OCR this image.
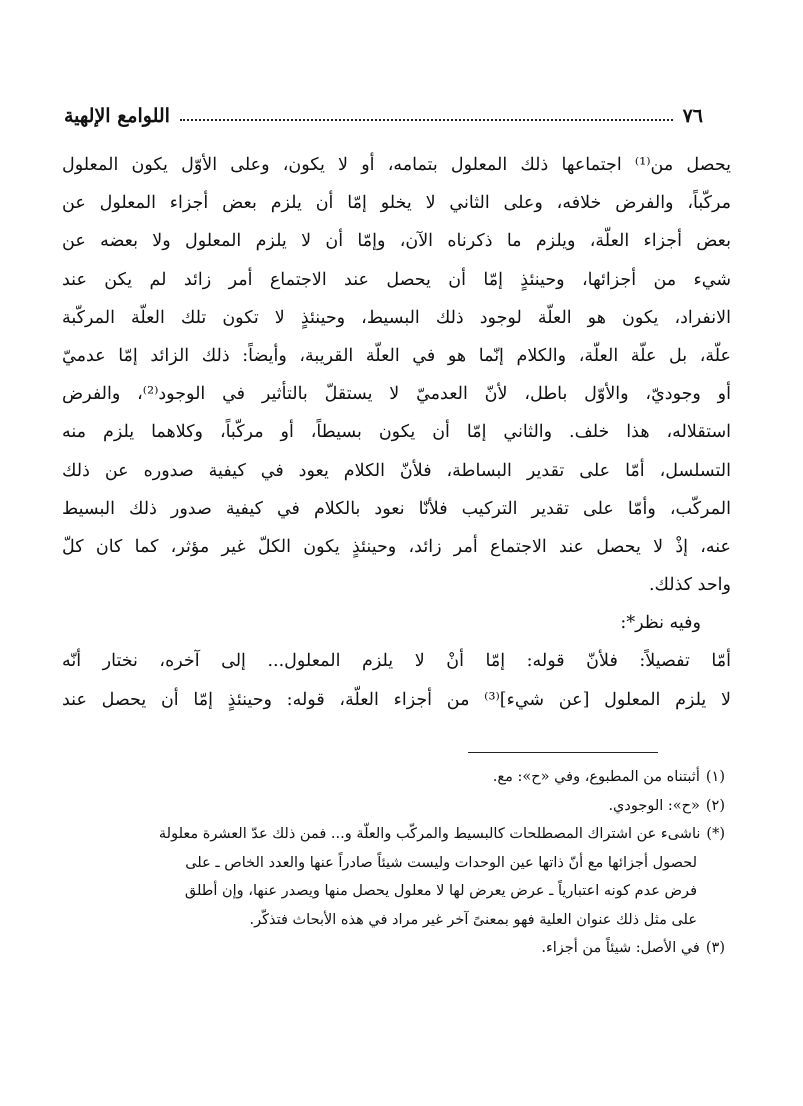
٧٦
اللوامع الإلهية
يحصل من⁽¹⁾ اجتماعها ذلك المعلول بتمامه، أو لا يكون، وعلى الأوّل يكون المعلول
مركّباً، والفرض خلافه، وعلى الثاني لا يخلو إمّا أن يلزم بعض أجزاء المعلول عن
بعض أجزاء العلّة، ويلزم ما ذكرناه الآن، وإمّا أن لا يلزم المعلول ولا بعضه عن
شيء من أجزائها، وحينئذٍ إمّا أن يحصل عند الاجتماع أمر زائد لم يكن عند
الانفراد، يكون هو العلّة لوجود ذلك البسيط، وحينئذٍ لا تكون تلك العلّة المركّبة
علّة، بل علّة العلّة، والكلام إنّما هو في العلّة القريبة، وأيضاً: ذلك الزائد إمّا عدميّ
أو وجوديّ، والأوّل باطل، لأنّ العدميّ لا يستقلّ بالتأثير في الوجود⁽²⁾، والفرض
استقلاله، هذا خلف. والثاني إمّا أن يكون بسيطاً، أو مركّباً، وكلاهما يلزم منه
التسلسل، أمّا على تقدير البساطة، فلأنّ الكلام يعود في كيفية صدوره عن ذلك
المركّب، وأمّا على تقدير التركيب فلأنّا نعود بالكلام في كيفية صدور ذلك البسيط
عنه، إذْ لا يحصل عند الاجتماع أمر زائد، وحينئذٍ يكون الكلّ غير مؤثر، كما كان كلّ
واحد كذلك.
وفيه نظر*:
أمّا تفصيلاً: فلأنّ قوله: إمّا أنْ لا يلزم المعلول... إلى آخره، نختار أنّه
لا يلزم المعلول [عن شيء]⁽³⁾ من أجزاء العلّة، قوله: وحينئذٍ إمّا أن يحصل عند
(١)أثبتناه من المطبوع، وفي «ح»: مع.
(٢)«ح»: الوجودي.
(*)ناشىء عن اشتراك المصطلحات كالبسيط والمركّب والعلّة و... فمن ذلك عدّ العشرة معلولة
لحصول أجزائها مع أنّ ذاتها عين الوحدات وليست شيئاً صادراً عنها والعدد الخاص ـ على
فرض عدم كونه اعتبارياً ـ عرض يعرض لها لا معلول يحصل منها ويصدر عنها، وإن أطلق
على مثل ذلك عنوان العلية فهو بمعنىً آخر غير مراد في هذه الأبحاث فتذكّر.
(٣)في الأصل: شيئاً من أجزاء.
